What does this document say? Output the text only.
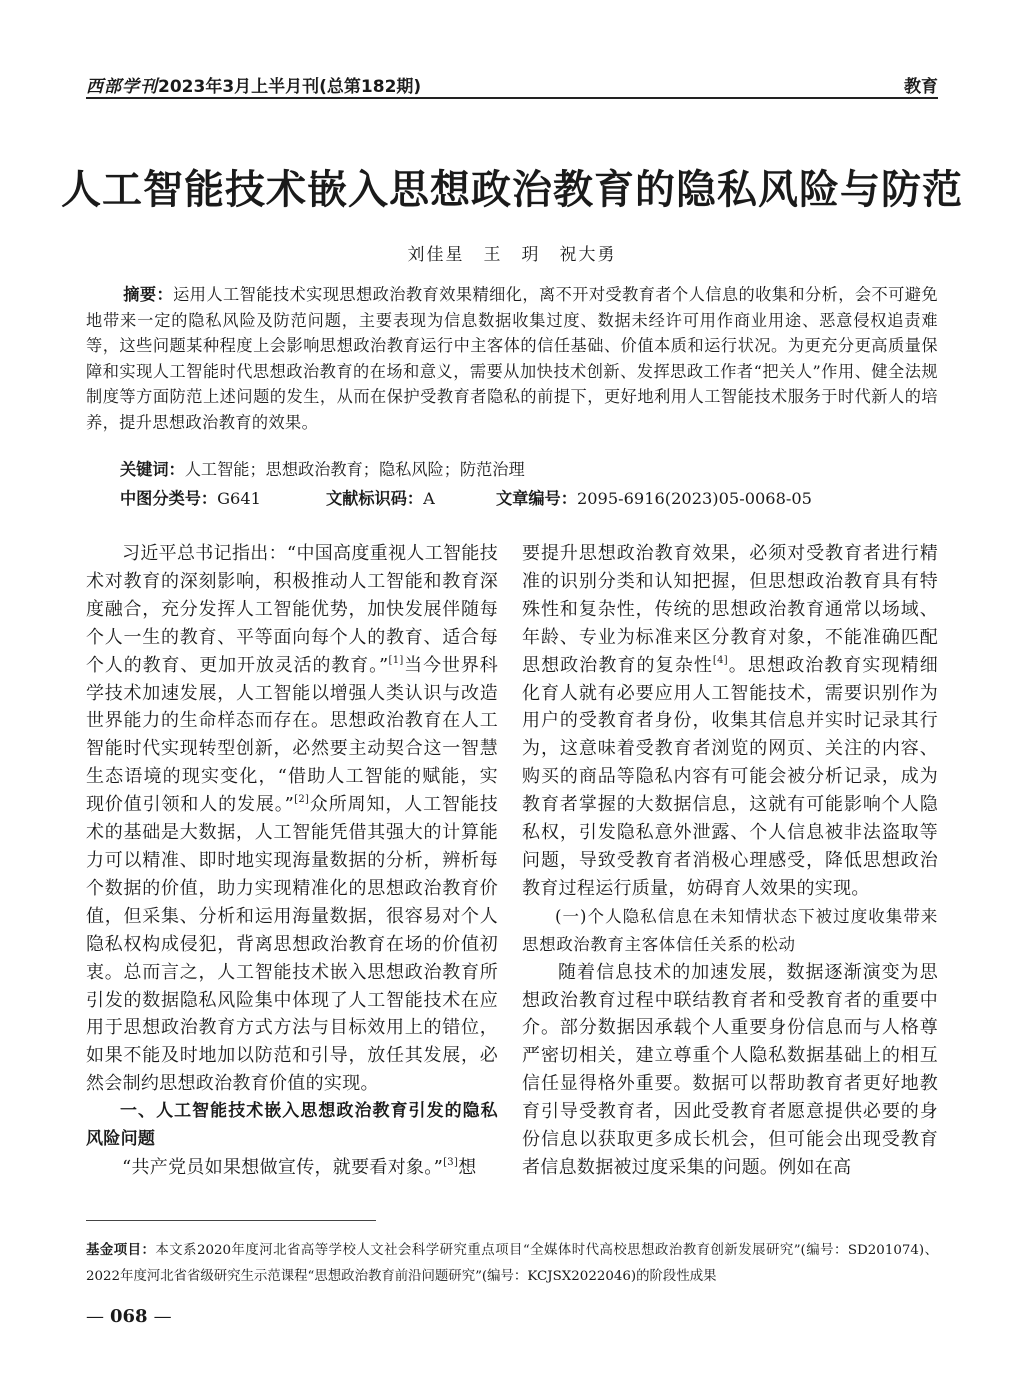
西部学刊 2023年3月上半月刊(总第182期)	教育
人工智能技术嵌入思想政治教育的隐私风险与防范
刘佳星　王　玥　祝大勇
摘要：运用人工智能技术实现思想政治教育效果精细化，离不开对受教育者个人信息的收集和分析，会不可避免地带来一定的隐私风险及防范问题，主要表现为信息数据收集过度、数据未经许可用作商业用途、恶意侵权追责难等，这些问题某种程度上会影响思想政治教育运行中主客体的信任基础、价值本质和运行状况。为更充分更高质量保障和实现人工智能时代思想政治教育的在场和意义，需要从加快技术创新、发挥思政工作者“把关人”作用、健全法规制度等方面防范上述问题的发生，从而在保护受教育者隐私的前提下，更好地利用人工智能技术服务于时代新人的培养，提升思想政治教育的效果。
关键词：人工智能；思想政治教育；隐私风险；防范治理
中图分类号：G641	文献标识码：A	文章编号：2095-6916(2023)05-0068-05

习近平总书记指出：“中国高度重视人工智能技术对教育的深刻影响，积极推动人工智能和教育深度融合，充分发挥人工智能优势，加快发展伴随每个人一生的教育、平等面向每个人的教育、适合每个人的教育、更加开放灵活的教育。”[1]当今世界科学技术加速发展，人工智能以增强人类认识与改造世界能力的生命样态而存在。思想政治教育在人工智能时代实现转型创新，必然要主动契合这一智慧生态语境的现实变化，“借助人工智能的赋能，实现价值引领和人的发展。”[2]众所周知，人工智能技术的基础是大数据，人工智能凭借其强大的计算能力可以精准、即时地实现海量数据的分析，辨析每个数据的价值，助力实现精准化的思想政治教育价值，但采集、分析和运用海量数据，很容易对个人隐私权构成侵犯，背离思想政治教育在场的价值初衷。总而言之，人工智能技术嵌入思想政治教育所引发的数据隐私风险集中体现了人工智能技术在应用于思想政治教育方式方法与目标效用上的错位，如果不能及时地加以防范和引导，放任其发展，必然会制约思想政治教育价值的实现。

一、人工智能技术嵌入思想政治教育引发的隐私风险问题

“共产党员如果想做宣传，就要看对象。”[3]想

要提升思想政治教育效果，必须对受教育者进行精准的识别分类和认知把握，但思想政治教育具有特殊性和复杂性，传统的思想政治教育通常以场域、年龄、专业为标准来区分教育对象，不能准确匹配思想政治教育的复杂性[4]。思想政治教育实现精细化育人就有必要应用人工智能技术，需要识别作为用户的受教育者身份，收集其信息并实时记录其行为，这意味着受教育者浏览的网页、关注的内容、购买的商品等隐私内容有可能会被分析记录，成为教育者掌握的大数据信息，这就有可能影响个人隐私权，引发隐私意外泄露、个人信息被非法盗取等问题，导致受教育者消极心理感受，降低思想政治教育过程运行质量，妨碍育人效果的实现。

(一)个人隐私信息在未知情状态下被过度收集带来思想政治教育主客体信任关系的松动

随着信息技术的加速发展，数据逐渐演变为思想政治教育过程中联结教育者和受教育者的重要中介。部分数据因承载个人重要身份信息而与人格尊严密切相关，建立尊重个人隐私数据基础上的相互信任显得格外重要。数据可以帮助教育者更好地教育引导受教育者，因此受教育者愿意提供必要的身份信息以获取更多成长机会，但可能会出现受教育者信息数据被过度采集的问题。例如在高

基金项目：本文系2020年度河北省高等学校人文社会科学研究重点项目“全媒体时代高校思想政治教育创新发展研究”(编号：SD201074)、2022年度河北省省级研究生示范课程“思想政治教育前沿问题研究”(编号：KCJSX2022046)的阶段性成果
— 068 —
